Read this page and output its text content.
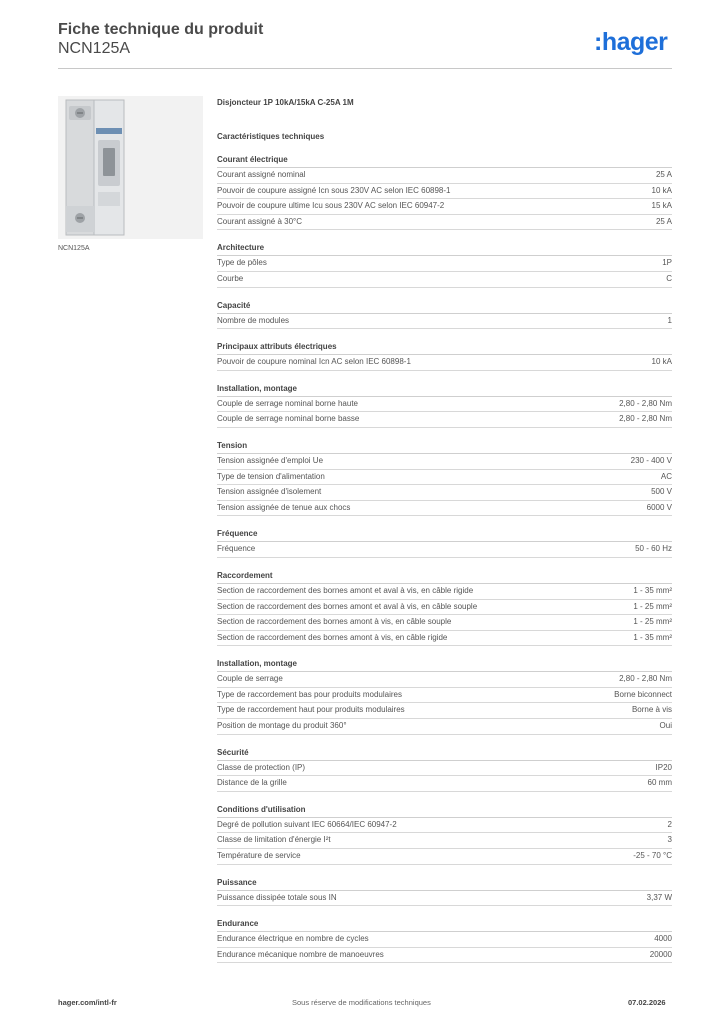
Fiche technique du produit
NCN125A	:hager
NCN125A
Disjoncteur 1P 10kA/15kA C-25A 1M
Caractéristiques techniques
Courant électrique
Courant assigné nominal	25 A
Pouvoir de coupure assigné Icn sous 230V AC selon IEC 60898-1	10 kA
Pouvoir de coupure ultime Icu sous 230V AC selon IEC 60947-2	15 kA
Courant assigné à 30°C	25 A
Architecture
Type de pôles	1P
Courbe	C
Capacité
Nombre de modules	1
Principaux attributs électriques
Pouvoir de coupure nominal Icn AC selon IEC 60898-1	10 kA
Installation, montage
Couple de serrage nominal borne haute	2,80 - 2,80 Nm
Couple de serrage nominal borne basse	2,80 - 2,80 Nm
Tension
Tension assignée d'emploi Ue	230 - 400 V
Type de tension d'alimentation	AC
Tension assignée d'isolement	500 V
Tension assignée de tenue aux chocs	6000 V
Fréquence
Fréquence	50 - 60 Hz
Raccordement
Section de raccordement des bornes amont et aval à vis, en câble rigide	1 - 35 mm²
Section de raccordement des bornes amont et aval à vis, en câble souple	1 - 25 mm²
Section de raccordement des bornes amont à vis, en câble souple	1 - 25 mm²
Section de raccordement des bornes amont à vis, en câble rigide	1 - 35 mm²
Installation, montage
Couple de serrage	2,80 - 2,80 Nm
Type de raccordement bas pour produits modulaires	Borne biconnect
Type de raccordement haut pour produits modulaires	Borne à vis
Position de montage du produit 360°	Oui
Sécurité
Classe de protection (IP)	IP20
Distance de la grille	60 mm
Conditions d'utilisation
Degré de pollution suivant IEC 60664/IEC 60947-2	2
Classe de limitation d'énergie I²t	3
Température de service	-25 - 70 °C
Puissance
Puissance dissipée totale sous IN	3,37 W
Endurance
Endurance électrique en nombre de cycles	4000
Endurance mécanique nombre de manoeuvres	20000
hager.com/intl-fr	Sous réserve de modifications techniques	07.02.2026
